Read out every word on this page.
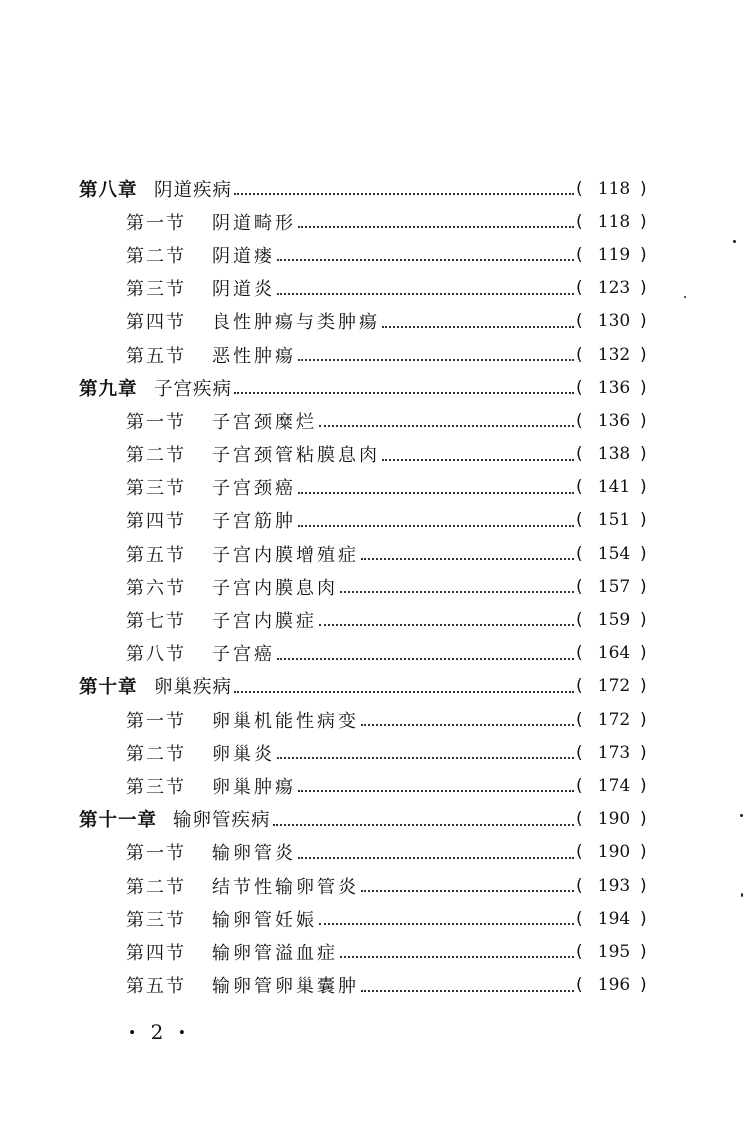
第八章 阴道疾病	( 118 )
第一节 阴道畸形	( 118 )
第二节 阴道瘘	( 119 )
第三节 阴道炎	( 123 )
第四节 良性肿瘍与类肿瘍	( 130 )
第五节 恶性肿瘍	( 132 )
第九章 子宫疾病	( 136 )
第一节 子宫颈糜烂	( 136 )
第二节 子宫颈管粘膜息肉	( 138 )
第三节 子宫颈癌	( 141 )
第四节 子宫筋肿	( 151 )
第五节 子宫内膜增殖症	( 154 )
第六节 子宫内膜息肉	( 157 )
第七节 子宫内膜症	( 159 )
第八节 子宫癌	( 164 )
第十章 卵巢疾病	( 172 )
第一节 卵巢机能性病变	( 172 )
第二节 卵巢炎	( 173 )
第三节 卵巢肿瘍	( 174 )
第十一章 输卵管疾病	( 190 )
第一节 输卵管炎	( 190 )
第二节 结节性输卵管炎	( 193 )
第三节 输卵管妊娠	( 194 )
第四节 输卵管溢血症	( 195 )
第五节 输卵管卵巢囊肿	( 196 )
• 2 •
